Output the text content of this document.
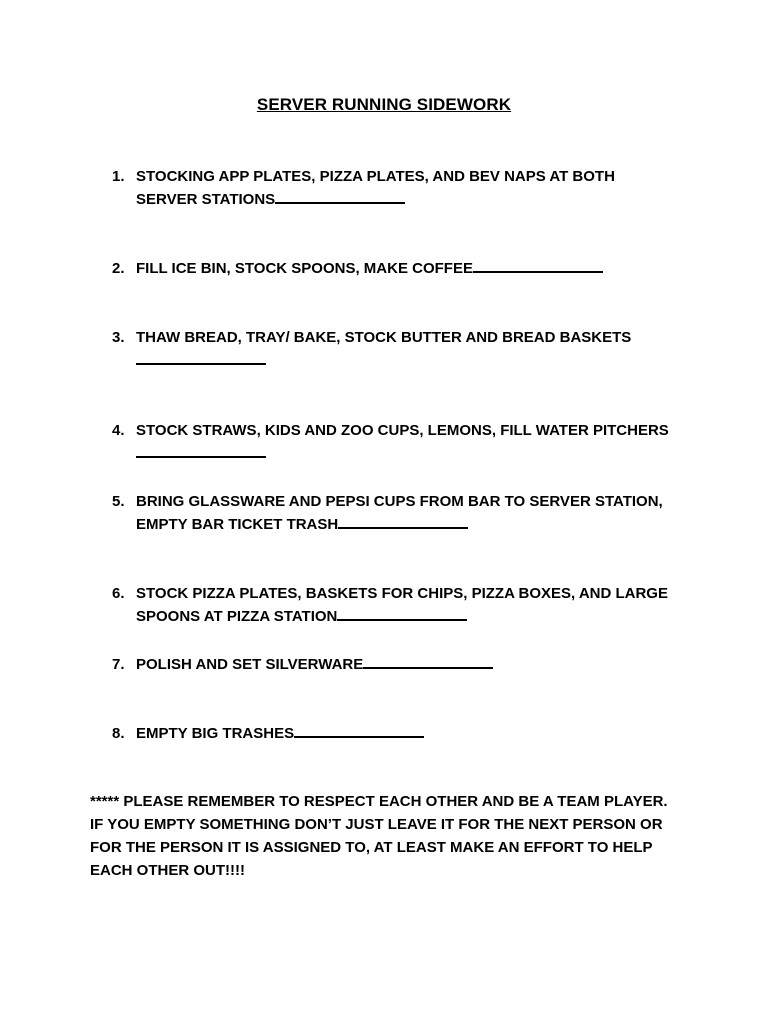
SERVER RUNNING SIDEWORK
1. STOCKING APP PLATES, PIZZA PLATES, AND BEV NAPS AT BOTH SERVER STATIONS
2. FILL ICE BIN, STOCK SPOONS, MAKE COFFEE
3. THAW BREAD, TRAY/ BAKE, STOCK BUTTER AND BREAD BASKETS
4. STOCK STRAWS, KIDS AND ZOO CUPS, LEMONS, FILL WATER PITCHERS
5. BRING GLASSWARE AND PEPSI CUPS FROM BAR TO SERVER STATION, EMPTY BAR TICKET TRASH
6. STOCK PIZZA PLATES, BASKETS FOR CHIPS, PIZZA BOXES, AND LARGE SPOONS AT PIZZA STATION
7. POLISH AND SET SILVERWARE
8. EMPTY BIG TRASHES
***** PLEASE REMEMBER TO RESPECT EACH OTHER AND BE A TEAM PLAYER. IF YOU EMPTY SOMETHING DON’T JUST LEAVE IT FOR THE NEXT PERSON OR FOR THE PERSON IT IS ASSIGNED TO, AT LEAST MAKE AN EFFORT TO HELP EACH OTHER OUT!!!!
